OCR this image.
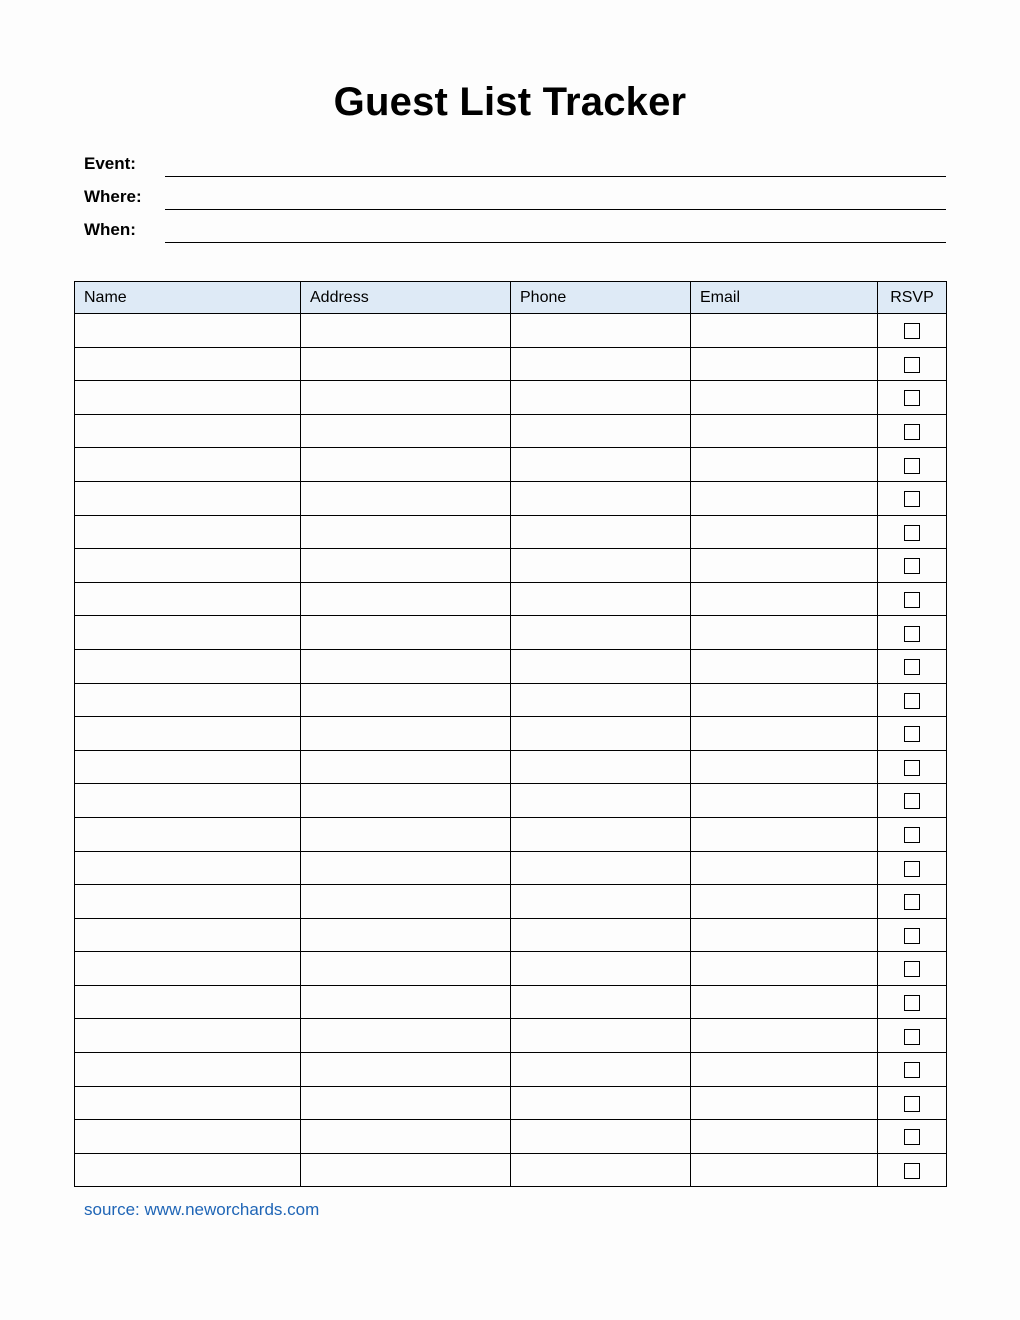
Guest List Tracker
Event:
Where:
When:
Name	Address	Phone	Email	RSVP

source: www.neworchards.com
